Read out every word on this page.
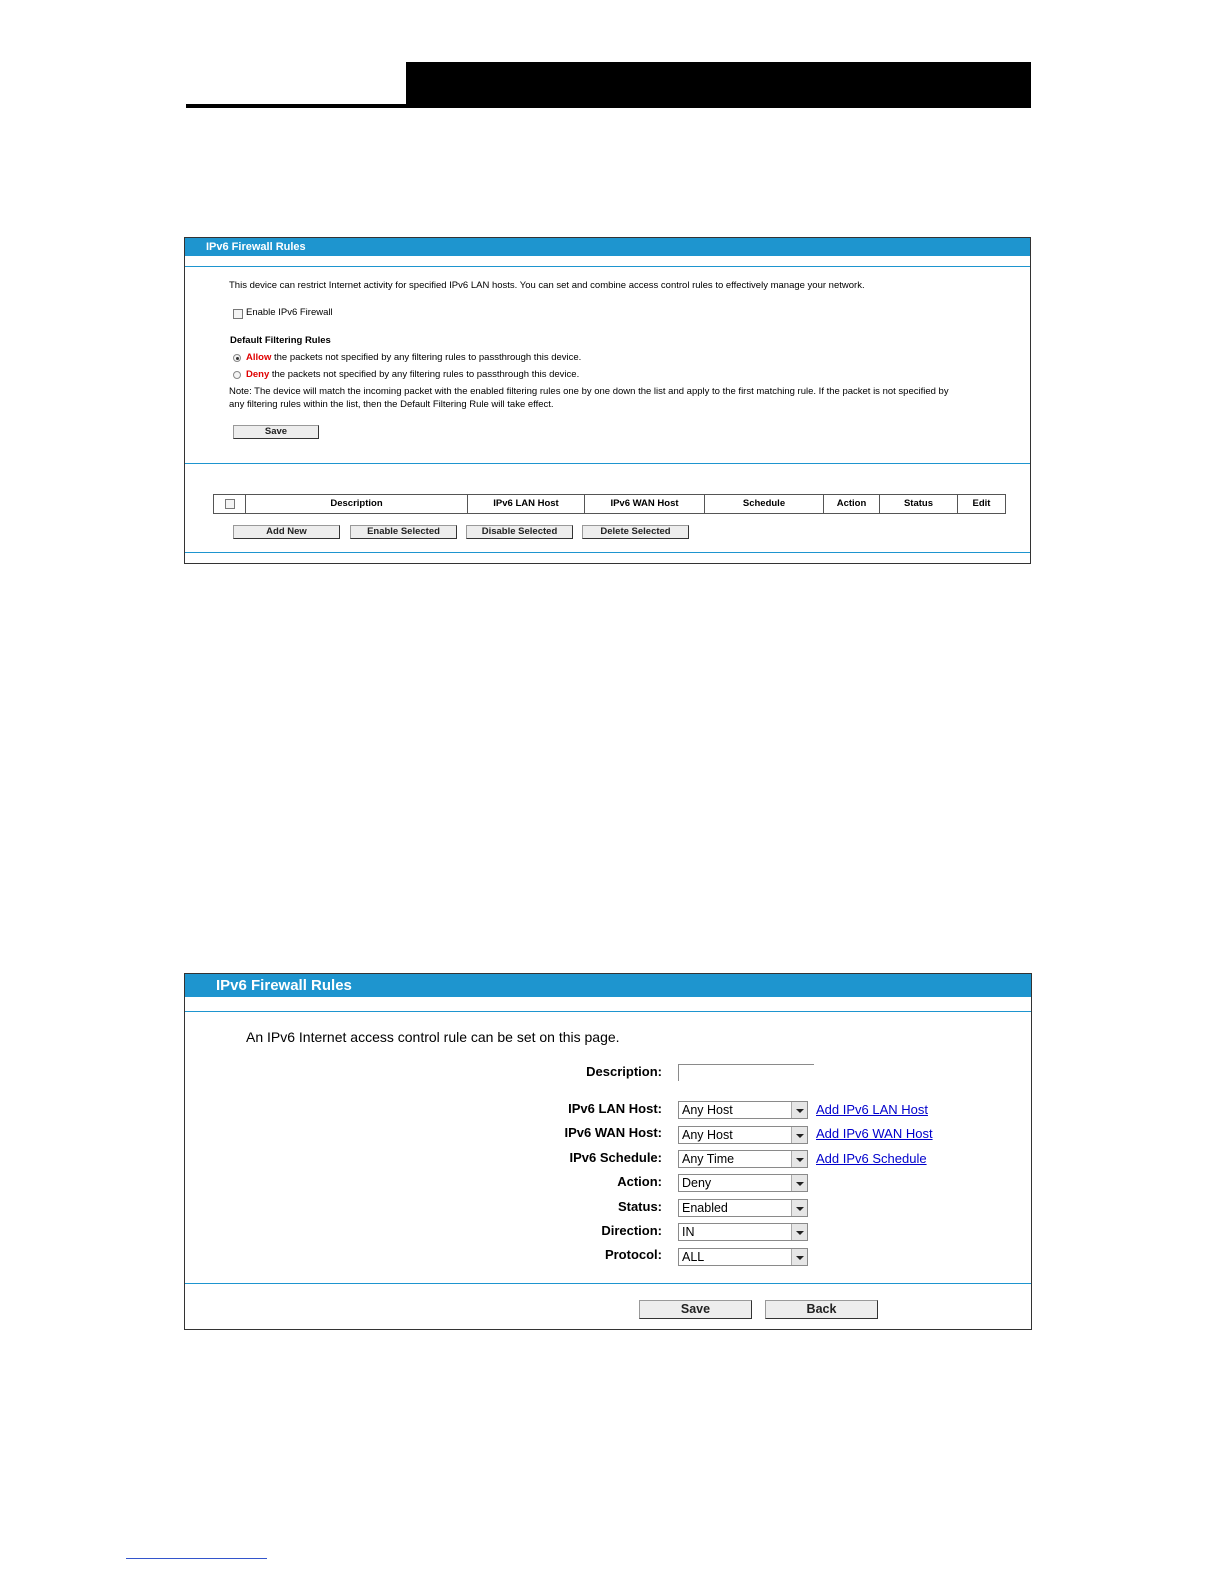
IPv6 Firewall Rules
This device can restrict Internet activity for specified IPv6 LAN hosts. You can set and combine access control rules to effectively manage your network.
Enable IPv6 Firewall
Default Filtering Rules
Allow the packets not specified by any filtering rules to passthrough this device.
Deny the packets not specified by any filtering rules to passthrough this device.
Note: The device will match the incoming packet with the enabled filtering rules one by one down the list and apply to the first matching rule. If the packet is not specified by
any filtering rules within the list, then the Default Filtering Rule will take effect.
Save
Description	IPv6 LAN Host	IPv6 WAN Host	Schedule	Action	Status	Edit
Add New	Enable Selected	Disable Selected	Delete Selected
IPv6 Firewall Rules
An IPv6 Internet access control rule can be set on this page.
Description:
IPv6 LAN Host:	Any Host	Add IPv6 LAN Host
IPv6 WAN Host:	Any Host	Add IPv6 WAN Host
IPv6 Schedule:	Any Time	Add IPv6 Schedule
Action:	Deny
Status:	Enabled
Direction:	IN
Protocol:	ALL
Save	Back
